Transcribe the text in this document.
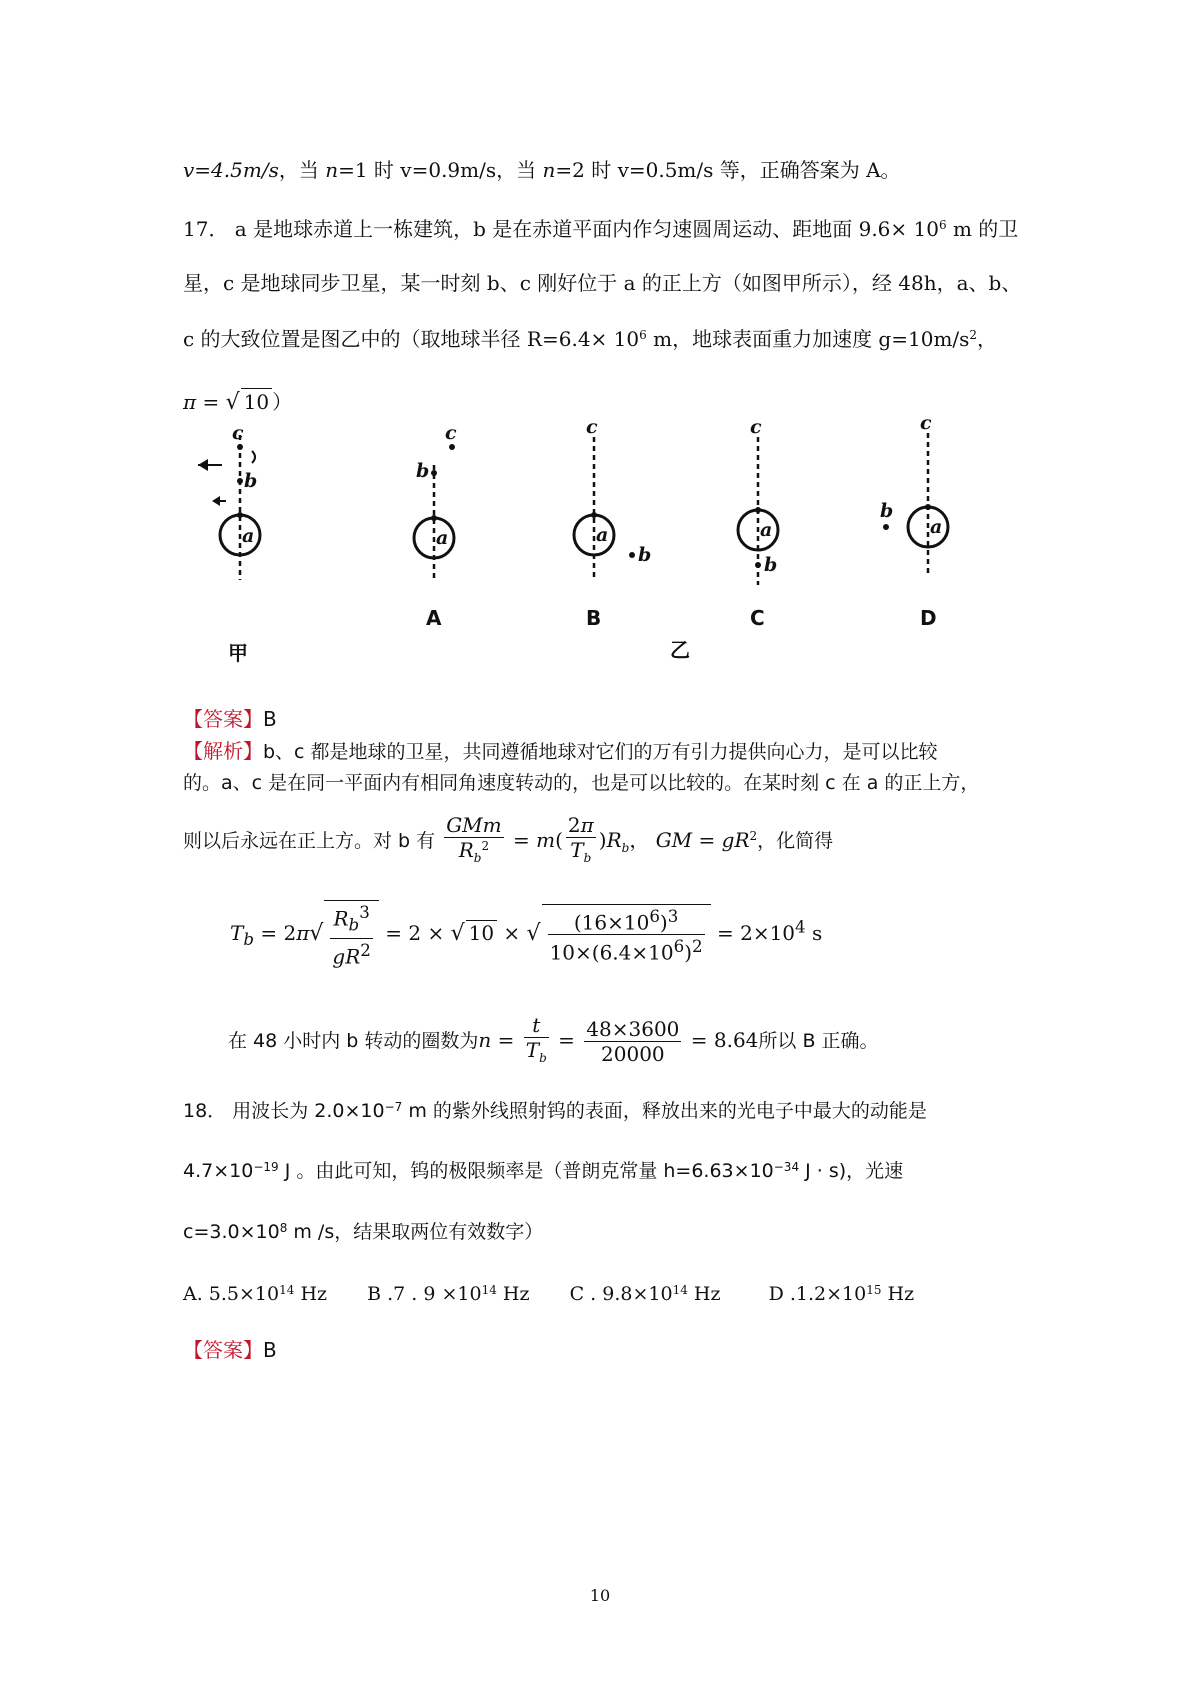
v=4.5m/s，当 n=1 时 v=0.9m/s，当 n=2 时 v=0.5m/s 等，正确答案为 A。
17． a 是地球赤道上一栋建筑，b 是在赤道平面内作匀速圆周运动、距地面 $9.6\times 10^6$ m 的卫
星，c 是地球同步卫星，某一时刻 b、c 刚好位于 a 的正上方（如图甲所示），经 48h，a、b、
c 的大致位置是图乙中的（取地球半径 $R=6.4\times 10^6$ m，地球表面重力加速度 $g=10m/s^2$，
π = √ 10 ）
c
b
a
甲
c
b
a
A
c
b
a
B
c
b
a
C
c
b
a
D
乙
【答案】B
【解析】b、c 都是地球的卫星，共同遵循地球对它们的万有引力提供向心力，是可以比较
的。a、c 是在同一平面内有相同角速度转动的，也是可以比较的。在某时刻 c 在 a 的正上方，
则以后永远在正上方。对 b 有 $\frac{\text{GMm}}{R_b^2} = m( \frac{2\pi}{T_b} )R_b$， GM = $gR^2$，化简得
$T_b = 2\pi√ \frac{R_b^3}{gR^2} = 2$ × √ 10 × √ $\frac{(16\times 10^6)^3}{10\times(6.4\times 10^6)^2} = 2\times 10^4$ s
在 48 小时内 b 转动的圈数为$n = \frac{t}{T_b} = \frac{48\times 3600}{20000} = 8.64$所以 B 正确。
18． 用波长为 $2.0\times 10^{-7}$ m 的紫外线照射钨的表面，释放出来的光电子中最大的动能是
$4.7\times 10^{-19}$ J 。由此可知，钨的极限频率是（普朗克常量 $h=6.63\times 10^{-34}$ J · s)，光速
$c=3.0\times 10^8$ m /s，结果取两位有效数字）
A. $5.5\times 10^{14}$ Hz B .7 . $9 \times 10^{14}$ Hz C . $9.8\times 10^{14}$ Hz	D $.1.2\times 10^{15}$ Hz
【答案】B
10
